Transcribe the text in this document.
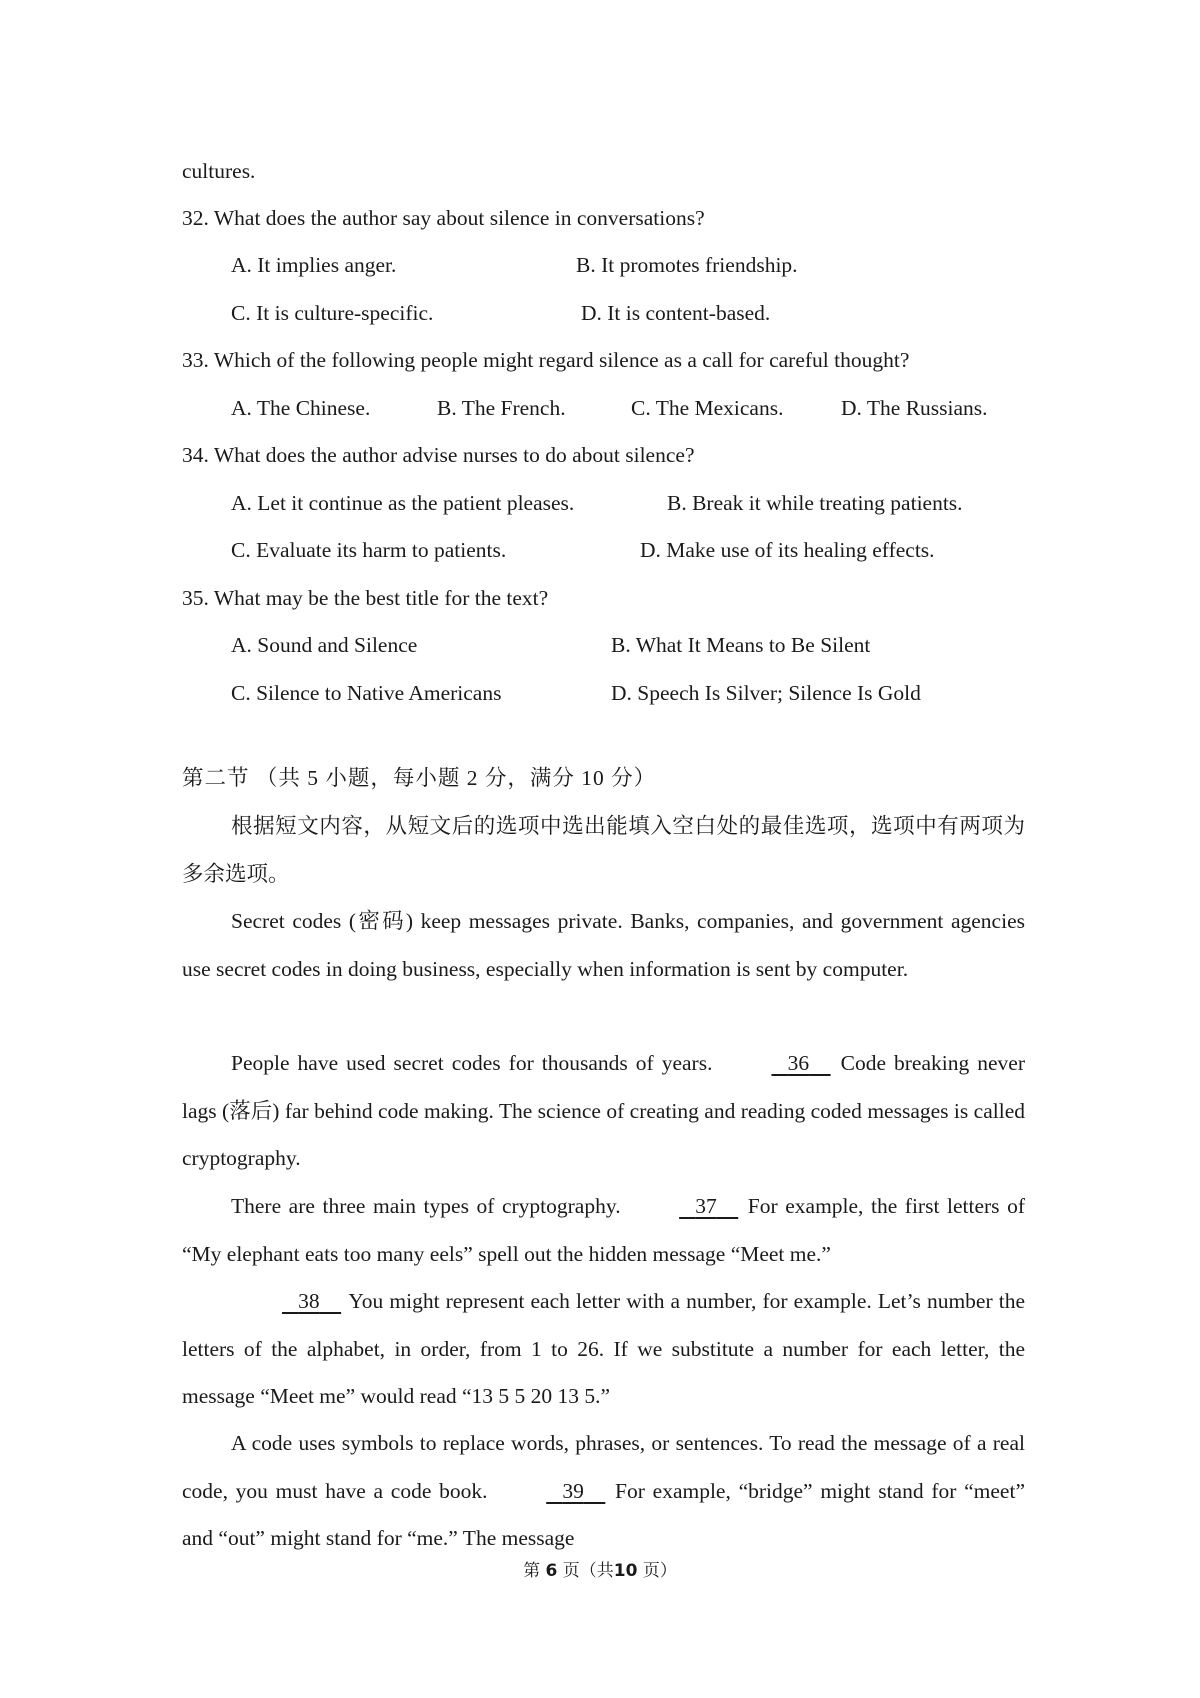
cultures.
32. What does the author say about silence in conversations?
A. It implies anger.	B. It promotes friendship.
C. It is culture-specific.	D. It is content-based.
33. Which of the following people might regard silence as a call for careful thought?
A. The Chinese.	B. The French.	C. The Mexicans.	D. The Russians.
34. What does the author advise nurses to do about silence?
A. Let it continue as the patient pleases.	B. Break it while treating patients.
C. Evaluate its harm to patients.	D. Make use of its healing effects.
35. What may be the best title for the text?
A. Sound and Silence	B. What It Means to Be Silent
C. Silence to Native Americans	D. Speech Is Silver; Silence Is Gold
第二节 （共 5 小题，每小题 2 分，满分 10 分）
根据短文内容，从短文后的选项中选出能填入空白处的最佳选项，选项中有两项为多余选项。
Secret codes (密码) keep messages private. Banks, companies, and government agencies use secret codes in doing business, especially when information is sent by computer.
People have used secret codes for thousands of years.	36     Code breaking never lags (落后) far behind code making. The science of creating and reading coded messages is called cryptography.
There are three main types of cryptography.	37     For example, the first letters of “My elephant eats too many eels” spell out the hidden message “Meet me.”
38     You might represent each letter with a number, for example. Let’s number the letters of the alphabet, in order, from 1 to 26. If we substitute a number for each letter, the message “Meet me” would read “13 5 5 20 13 5.”
A code uses symbols to replace words, phrases, or sentences. To read the message of a real code, you must have a code book.	39     For example, “bridge” might stand for “meet” and “out” might stand for “me.” The message
第 6 页（共10 页）
